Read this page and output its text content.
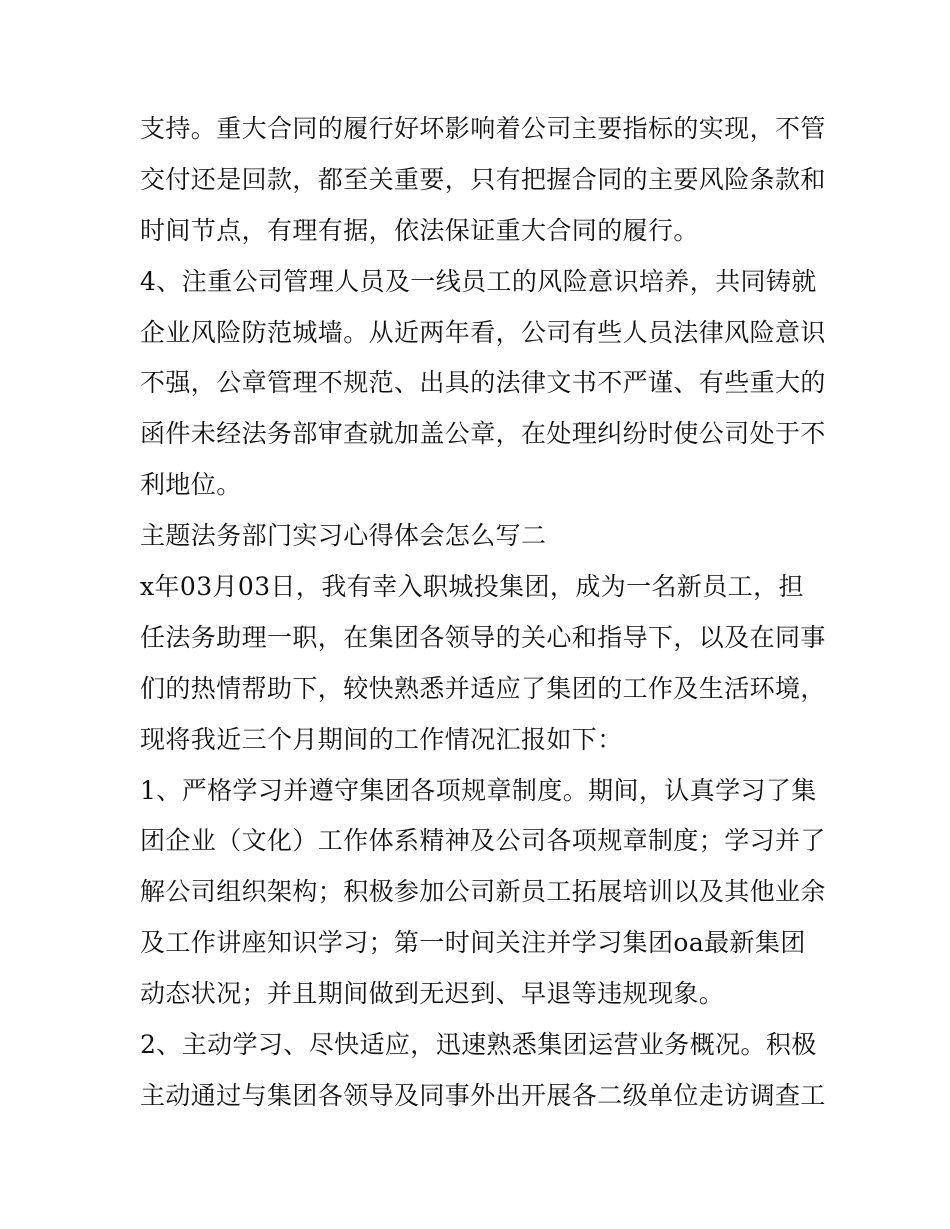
支持。重大合同的履行好坏影响着公司主要指标的实现，不管
交付还是回款，都至关重要，只有把握合同的主要风险条款和
时间节点，有理有据，依法保证重大合同的履行。
4、注重公司管理人员及一线员工的风险意识培养，共同铸就
企业风险防范城墙。从近两年看，公司有些人员法律风险意识
不强，公章管理不规范、出具的法律文书不严谨、有些重大的
函件未经法务部审查就加盖公章，在处理纠纷时使公司处于不
利地位。
主题法务部门实习心得体会怎么写二
x年03月03日，我有幸入职城投集团，成为一名新员工，担
任法务助理一职，在集团各领导的关心和指导下，以及在同事
们的热情帮助下，较快熟悉并适应了集团的工作及生活环境，
现将我近三个月期间的工作情况汇报如下：
1、严格学习并遵守集团各项规章制度。期间，认真学习了集
团企业（文化）工作体系精神及公司各项规章制度；学习并了
解公司组织架构；积极参加公司新员工拓展培训以及其他业余
及工作讲座知识学习；第一时间关注并学习集团oa最新集团
动态状况；并且期间做到无迟到、早退等违规现象。
2、主动学习、尽快适应，迅速熟悉集团运营业务概况。积极
主动通过与集团各领导及同事外出开展各二级单位走访调查工
